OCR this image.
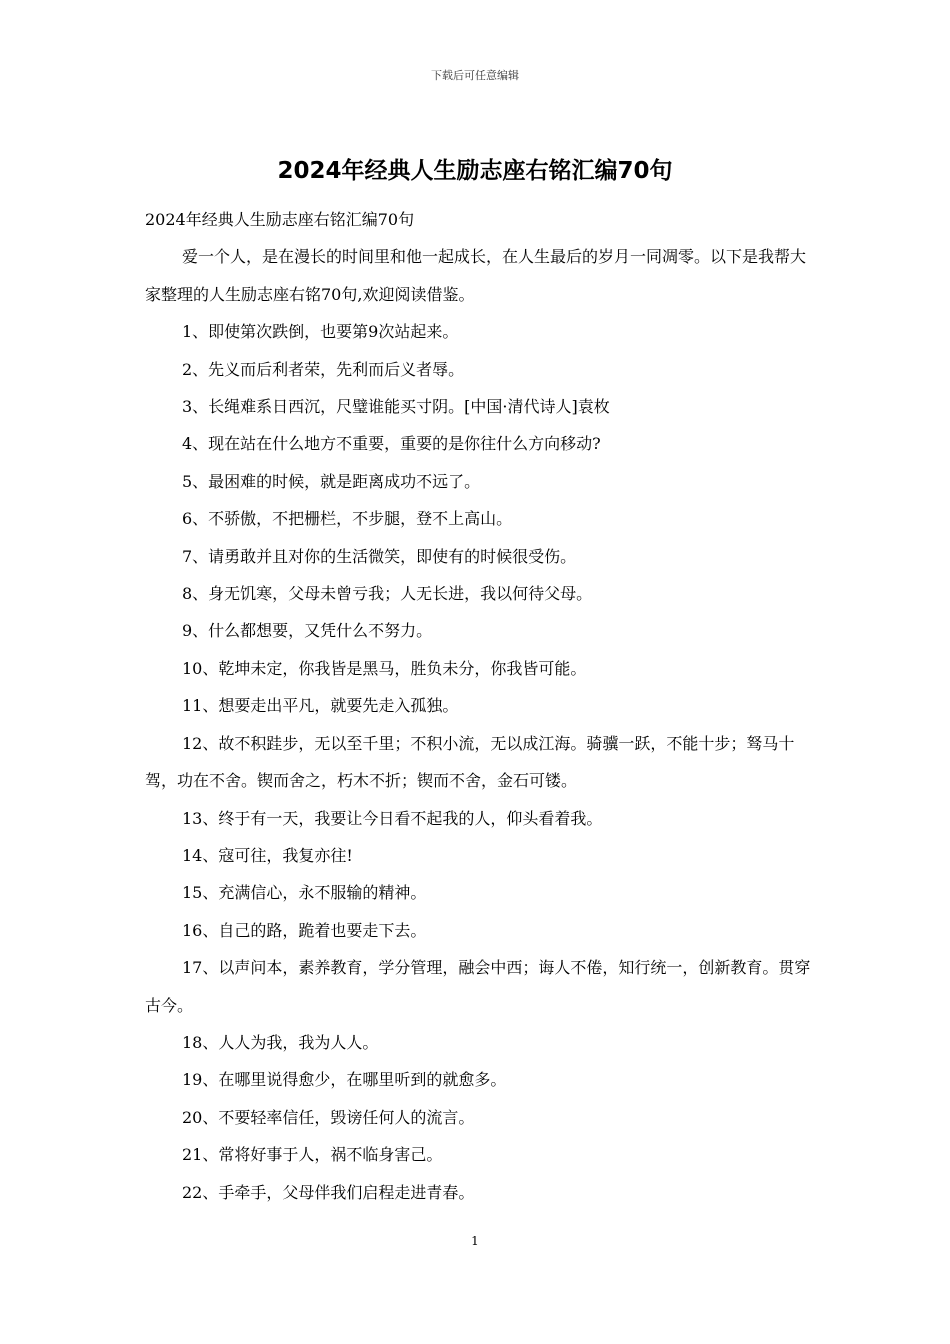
下载后可任意编辑
2024年经典人生励志座右铭汇编70句

2024年经典人生励志座右铭汇编70句

爱一个人，是在漫长的时间里和他一起成长，在人生最后的岁月一同凋零。以下是我帮大家整理的人生励志座右铭70句,欢迎阅读借鉴。

1、即使第次跌倒，也要第9次站起来。

2、先义而后利者荣，先利而后义者辱。

3、长绳难系日西沉，尺璧谁能买寸阴。[中国·清代诗人]袁枚

4、现在站在什么地方不重要，重要的是你往什么方向移动?

5、最困难的时候，就是距离成功不远了。

6、不骄傲，不把栅栏，不步腿，登不上高山。

7、请勇敢并且对你的生活微笑，即使有的时候很受伤。

8、身无饥寒，父母未曾亏我；人无长进，我以何待父母。

9、什么都想要，又凭什么不努力。

10、乾坤未定，你我皆是黑马，胜负未分，你我皆可能。

11、想要走出平凡，就要先走入孤独。

12、故不积跬步，无以至千里；不积小流，无以成江海。骑骥一跃，不能十步；驽马十驾，功在不舍。锲而舍之，朽木不折；锲而不舍，金石可镂。

13、终于有一天，我要让今日看不起我的人，仰头看着我。

14、寇可往，我复亦往!

15、充满信心，永不服输的精神。

16、自己的路，跪着也要走下去。

17、以声问本，素养教育，学分管理，融会中西；诲人不倦，知行统一，创新教育。贯穿古今。

18、人人为我，我为人人。

19、在哪里说得愈少，在哪里听到的就愈多。

20、不要轻率信任，毁谤任何人的流言。

21、常将好事于人，祸不临身害己。

22、手牵手，父母伴我们启程走进青春。

1
